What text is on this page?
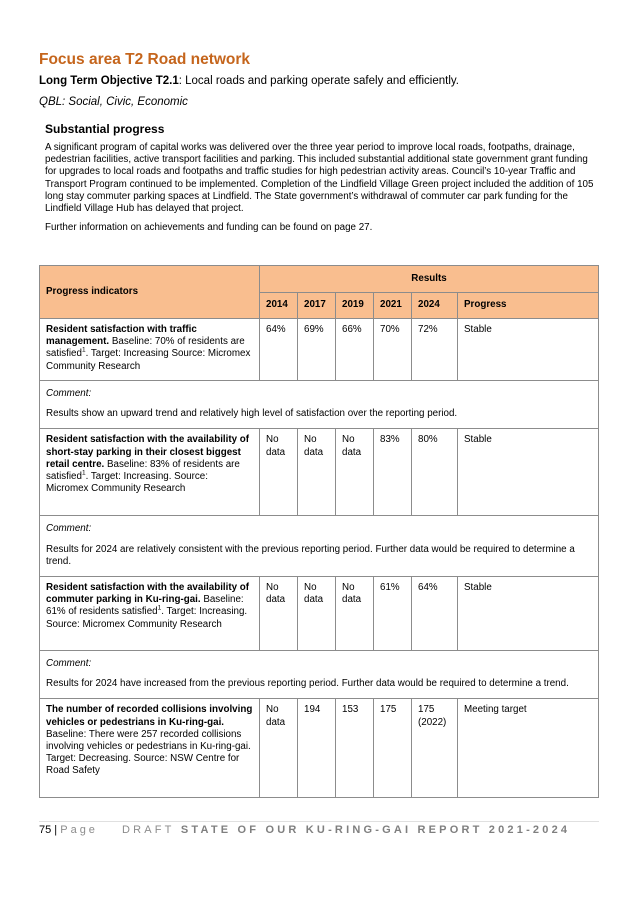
Focus area T2 Road network
Long Term Objective T2.1: Local roads and parking operate safely and efficiently.
QBL: Social, Civic, Economic
Substantial progress
A significant program of capital works was delivered over the three year period to improve local roads, footpaths, drainage, pedestrian facilities, active transport facilities and parking. This included substantial additional state government grant funding for upgrades to local roads and footpaths and traffic studies for high pedestrian activity areas. Council’s 10-year Traffic and Transport Program continued to be implemented. Completion of the Lindfield Village Green project included the addition of 105 long stay commuter parking spaces at Lindfield. The State government’s withdrawal of commuter car park funding for the Lindfield Village Hub has delayed that project.
Further information on achievements and funding can be found on page 27.
Progress indicators	Results					
	2014	2017	2019	2021	2024	Progress
Resident satisfaction with traffic management. Baseline: 70% of residents are satisfied$^1$. Target: Increasing Source: Micromex Community Research	64%	69%	66%	70%	72%	Stable

Comment:
Results show an upward trend and relatively high level of satisfaction over the reporting period.						

Resident satisfaction with the availability of short-stay parking in their closest biggest retail centre. Baseline: 83% of residents are satisfied$^1$. Target: Increasing. Source: Micromex Community Research	No data	No data	No data	83%	80%	Stable

Comment:
Results for 2024 are relatively consistent with the previous reporting period. Further data would be required to determine a trend.						

Resident satisfaction with the availability of commuter parking in Ku-ring-gai. Baseline: 61% of residents satisfied$^1$. Target: Increasing. Source: Micromex Community Research	No data	No data	No data	61%	64%	Stable

Comment:
Results for 2024 have increased from the previous reporting period. Further data would be required to determine a trend.						

The number of recorded collisions involving vehicles or pedestrians in Ku-ring-gai. Baseline: There were 257 recorded collisions involving vehicles or pedestrians in Ku-ring-gai. Target: Decreasing. Source: NSW Centre for Road Safety	No data	194	153	175	175 (2022)	Meeting target
75 | Page DRAFT STATE OF OUR KU-RING-GAI REPORT 2021-2024
